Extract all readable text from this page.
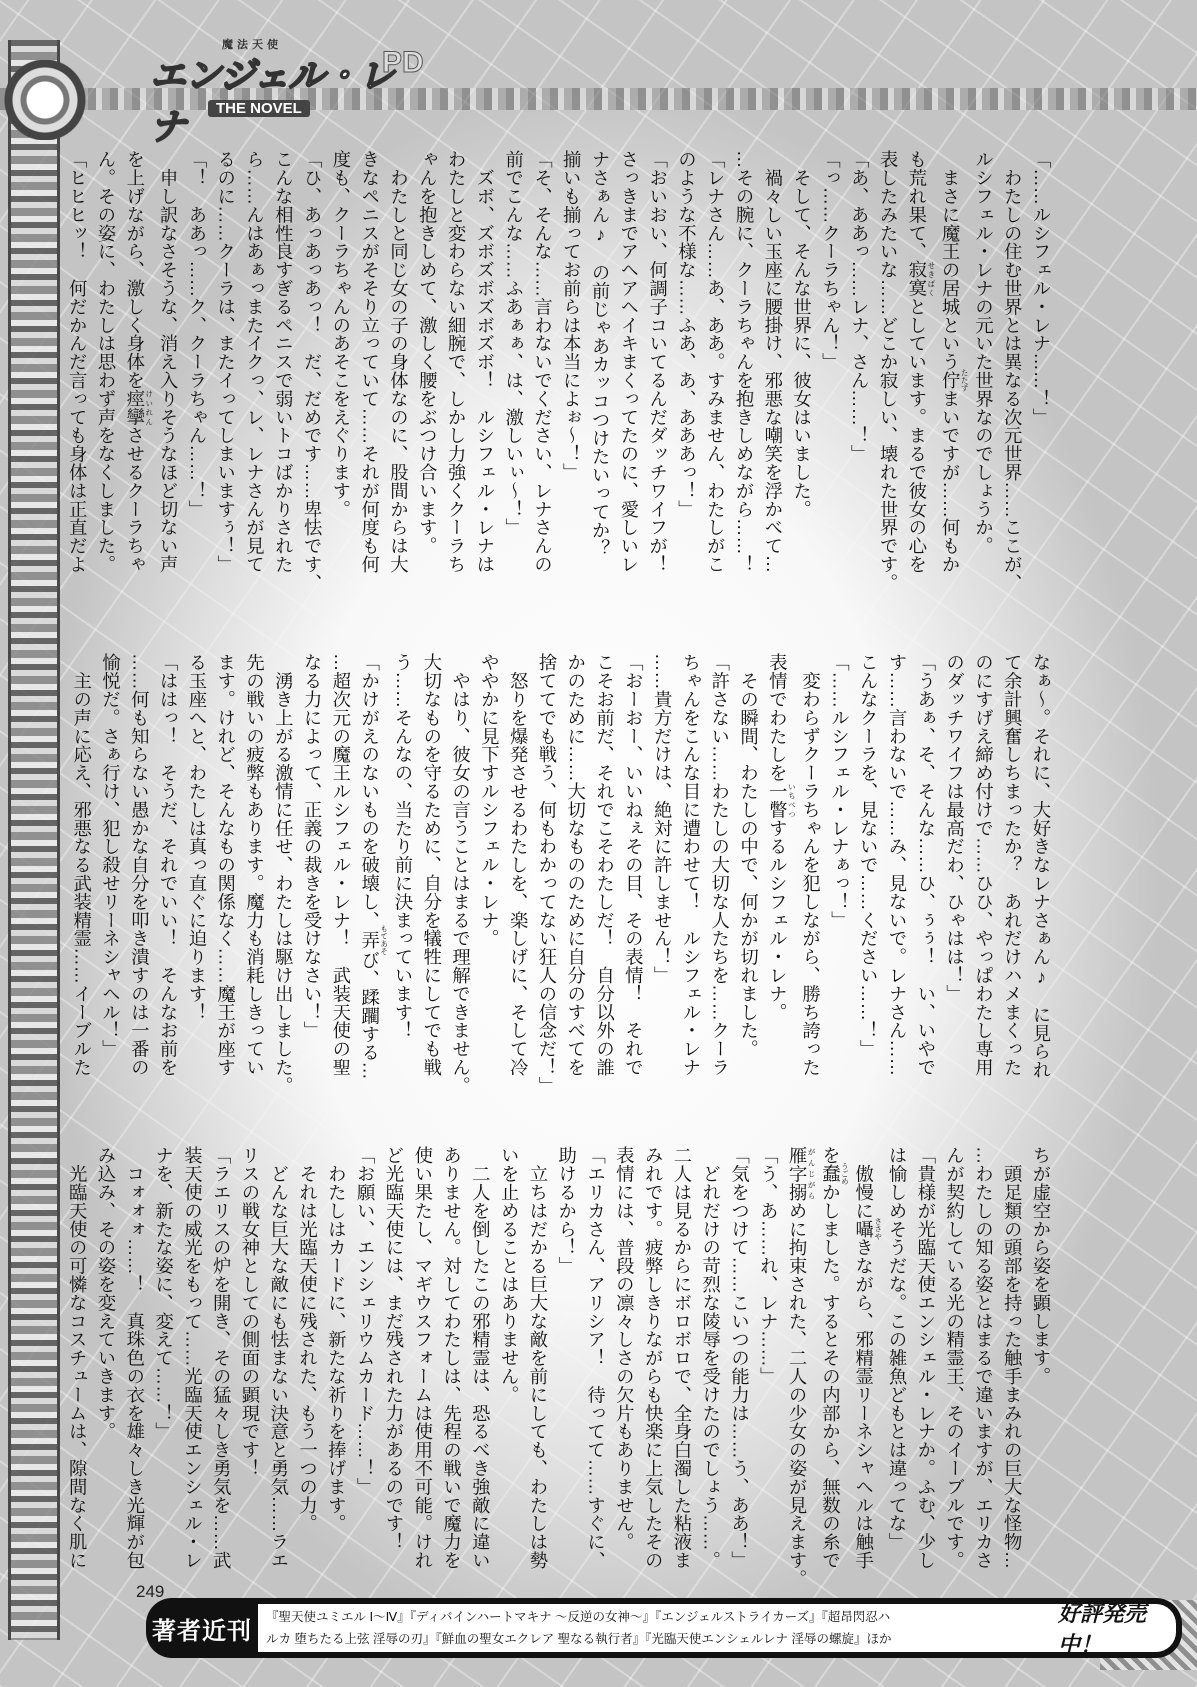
魔法天使
エンジェル・レナ
PD
THE NOVEL
「……ルシフェル・レナ……！」
　わたしの住む世界とは異なる次元世界……ここが、
ルシフェル・レナの元いた世界なのでしょうか。
　まさに魔王の居城という佇 たたずまいですが……何もか
も荒れ果て、寂寞 せきばくとしています。まるで彼女の心を
表したみたいな……どこか寂しい、壊れた世界です。
「あ、ああっ……レナ、さん……！」
「っ……クーラちゃん！」
　そして、そんな世界に、彼女はいました。
　禍々しい玉座に腰掛け、邪悪な嘲笑を浮かべて…
…その腕に、クーラちゃんを抱きしめながら……！
「レナさん……あ、ああ。すみません、わたしがこ
のような不様な……ふあ、あ、あああっ！」
「おいおい、何調子コいてるんだダッチワイフが！
さっきまでアヘアヘイキまくってたのに、愛しいレ
ナさぁん♪　の前じゃあカッコつけたいってか？
揃いも揃ってお前らは本当によぉ～！」
「そ、そんな……言わないでください、レナさんの
前でこんな……ふあぁぁ、は、激しいぃ～！」
　ズボ、ズボズボズボズボ！　ルシフェル・レナは
わたしと変わらない細腕で、しかし力強くクーラち
ゃんを抱きしめて、激しく腰をぶつけ合います。
　わたしと同じ女の子の身体なのに、股間からは大
きなペニスがそそり立っていて……それが何度も何
度も、クーラちゃんのあそこをえぐります。
「ひ、あっあっあっ！　だ、だめです……卑怯です、
こんな相性良すぎるペニスで弱いトコばかりされた
ら……んはあぁっまたイクっ、レ、レナさんが見て
るのに……クーラは、またイってしまいますぅ！」
「！　ああっ……ク、クーラちゃん……！」
　申し訳なさそうな、消え入りそうなほど切ない声
を上げながら、激しく身体を痙攣 けいれんさせるクーラちゃ
ん。その姿に、わたしは思わず声をなくしました。
「ヒヒヒッ！　何だかんだ言っても身体は正直だよ
なぁ～。それに、大好きなレナさぁん♪　に見られ
て余計興奮しちまったか？　あれだけハメまくった
のにすげえ締め付けで……ひひ、やっぱわたし専用
のダッチワイフは最高だわ、ひゃはは！」
「うあぁ、そ、そんな……ひ、ぅぅ！　い、いやで
す……言わないで……み、見ないで。レナさん……
こんなクーラを、見ないで……ください……！」
「……ルシフェル・レナぁっ！」
　変わらずクーラちゃんを犯しながら、勝ち誇った
表情でわたしを一瞥 いちべつするルシフェル・レナ。
　その瞬間、わたしの中で、何かが切れました。
「許さない……わたしの大切な人たちを……クーラ
ちゃんをこんな目に遭わせて！　ルシフェル・レナ
……貴方だけは、絶対に許しません！」
「おーおー、いいねぇその目、その表情！　それで
こそお前だ、それでこそわたしだ！　自分以外の誰
かのために……大切なもののために自分のすべてを
捨ててでも戦う、何もわかってない狂人の信念だ！」
　怒りを爆発させるわたしを、楽しげに、そして冷
ややかに見下すルシフェル・レナ。
　やはり、彼女の言うことはまるで理解できません。
大切なものを守るために、自分を犠牲にしてでも戦
う……そんなの、当たり前に決まっています！
「かけがえのないものを破壊し、弄 もてあそび、蹂躙する…
…超次元の魔王ルシフェル・レナ！　武装天使の聖
なる力によって、正義の裁きを受けなさい！」
　湧き上がる激情に任せ、わたしは駆け出しました。
先の戦いの疲弊もあります。魔力も消耗しきってい
ます。けれど、そんなもの関係なく……魔王が座す
る玉座へと、わたしは真っ直ぐに迫ります！
「ははっ！　そうだ、それでいい！　そんなお前を
……何も知らない愚かな自分を叩き潰すのは一番の
愉悦だ。さぁ行け、犯し殺せリーネシャヘル！」
　主の声に応え、邪悪なる武装精霊……イーブルた
ちが虚空から姿を顕します。
　頭足類の頭部を持った触手まみれの巨大な怪物…
…わたしの知る姿とはまるで違いますが、エリカさ
んが契約している光の精霊王、そのイーブルです。
「貴様が光臨天使エンシェル・レナか。ふむ、少し
は愉しめそうだな。この雑魚どもとは違ってな」
　傲慢に囁 ささやきながら、邪精霊リーネシャヘルは触手
を蠢 うごめかしました。するとその内部から、無数の糸で
雁字搦 がんじがらめに拘束された、二人の少女の姿が見えます。
「う、あ……れ、レナ……」
「気をつけて……こいつの能力は……う、ああ！」
　どれだけの苛烈な陵辱を受けたのでしょう……。
二人は見るからにボロボロで、全身白濁した粘液ま
みれです。疲弊しきりながらも快楽に上気したその
表情には、普段の凛々しさの欠片もありません。
「エリカさん、アリシア！　待ってて……すぐに、
助けるから！」
　立ちはだかる巨大な敵を前にしても、わたしは勢
いを止めることはありません。
　二人を倒したこの邪精霊は、恐るべき強敵に違い
ありません。対してわたしは、先程の戦いで魔力を
使い果たし、マギウスフォームは使用不可能。けれ
ど光臨天使には、まだ残された力があるのです！
「お願い、エンシェリウムカード……！」
　わたしはカードに、新たな祈りを捧げます。
　それは光臨天使に残された、もう一つの力。
　どんな巨大な敵にも怯まない決意と勇気……ラエ
リスの戦女神としての側面の顕現です！
「ラエリスの炉を開き、その猛々しき勇気を……武
装天使の威光をもって……光臨天使エンシェル・レ
ナを、新たな姿に、変えて……！」
　コォォォ……！　真珠色の衣を雄々しき光輝が包
み込み、その姿を変えていきます。
　光臨天使の可憐なコスチュームは、隙間なく肌に
249
著者近刊
『聖天使ユミエル Ⅰ～Ⅳ』『ディバインハートマキナ ～反逆の女神～』『エンジェルストライカーズ』『超昂閃忍ハ
ルカ 堕ちたる上弦 淫辱の刃』『鮮血の聖女エクレア 聖なる執行者』『光臨天使エンシェルレナ 淫辱の螺旋』ほか
好評発売中！
